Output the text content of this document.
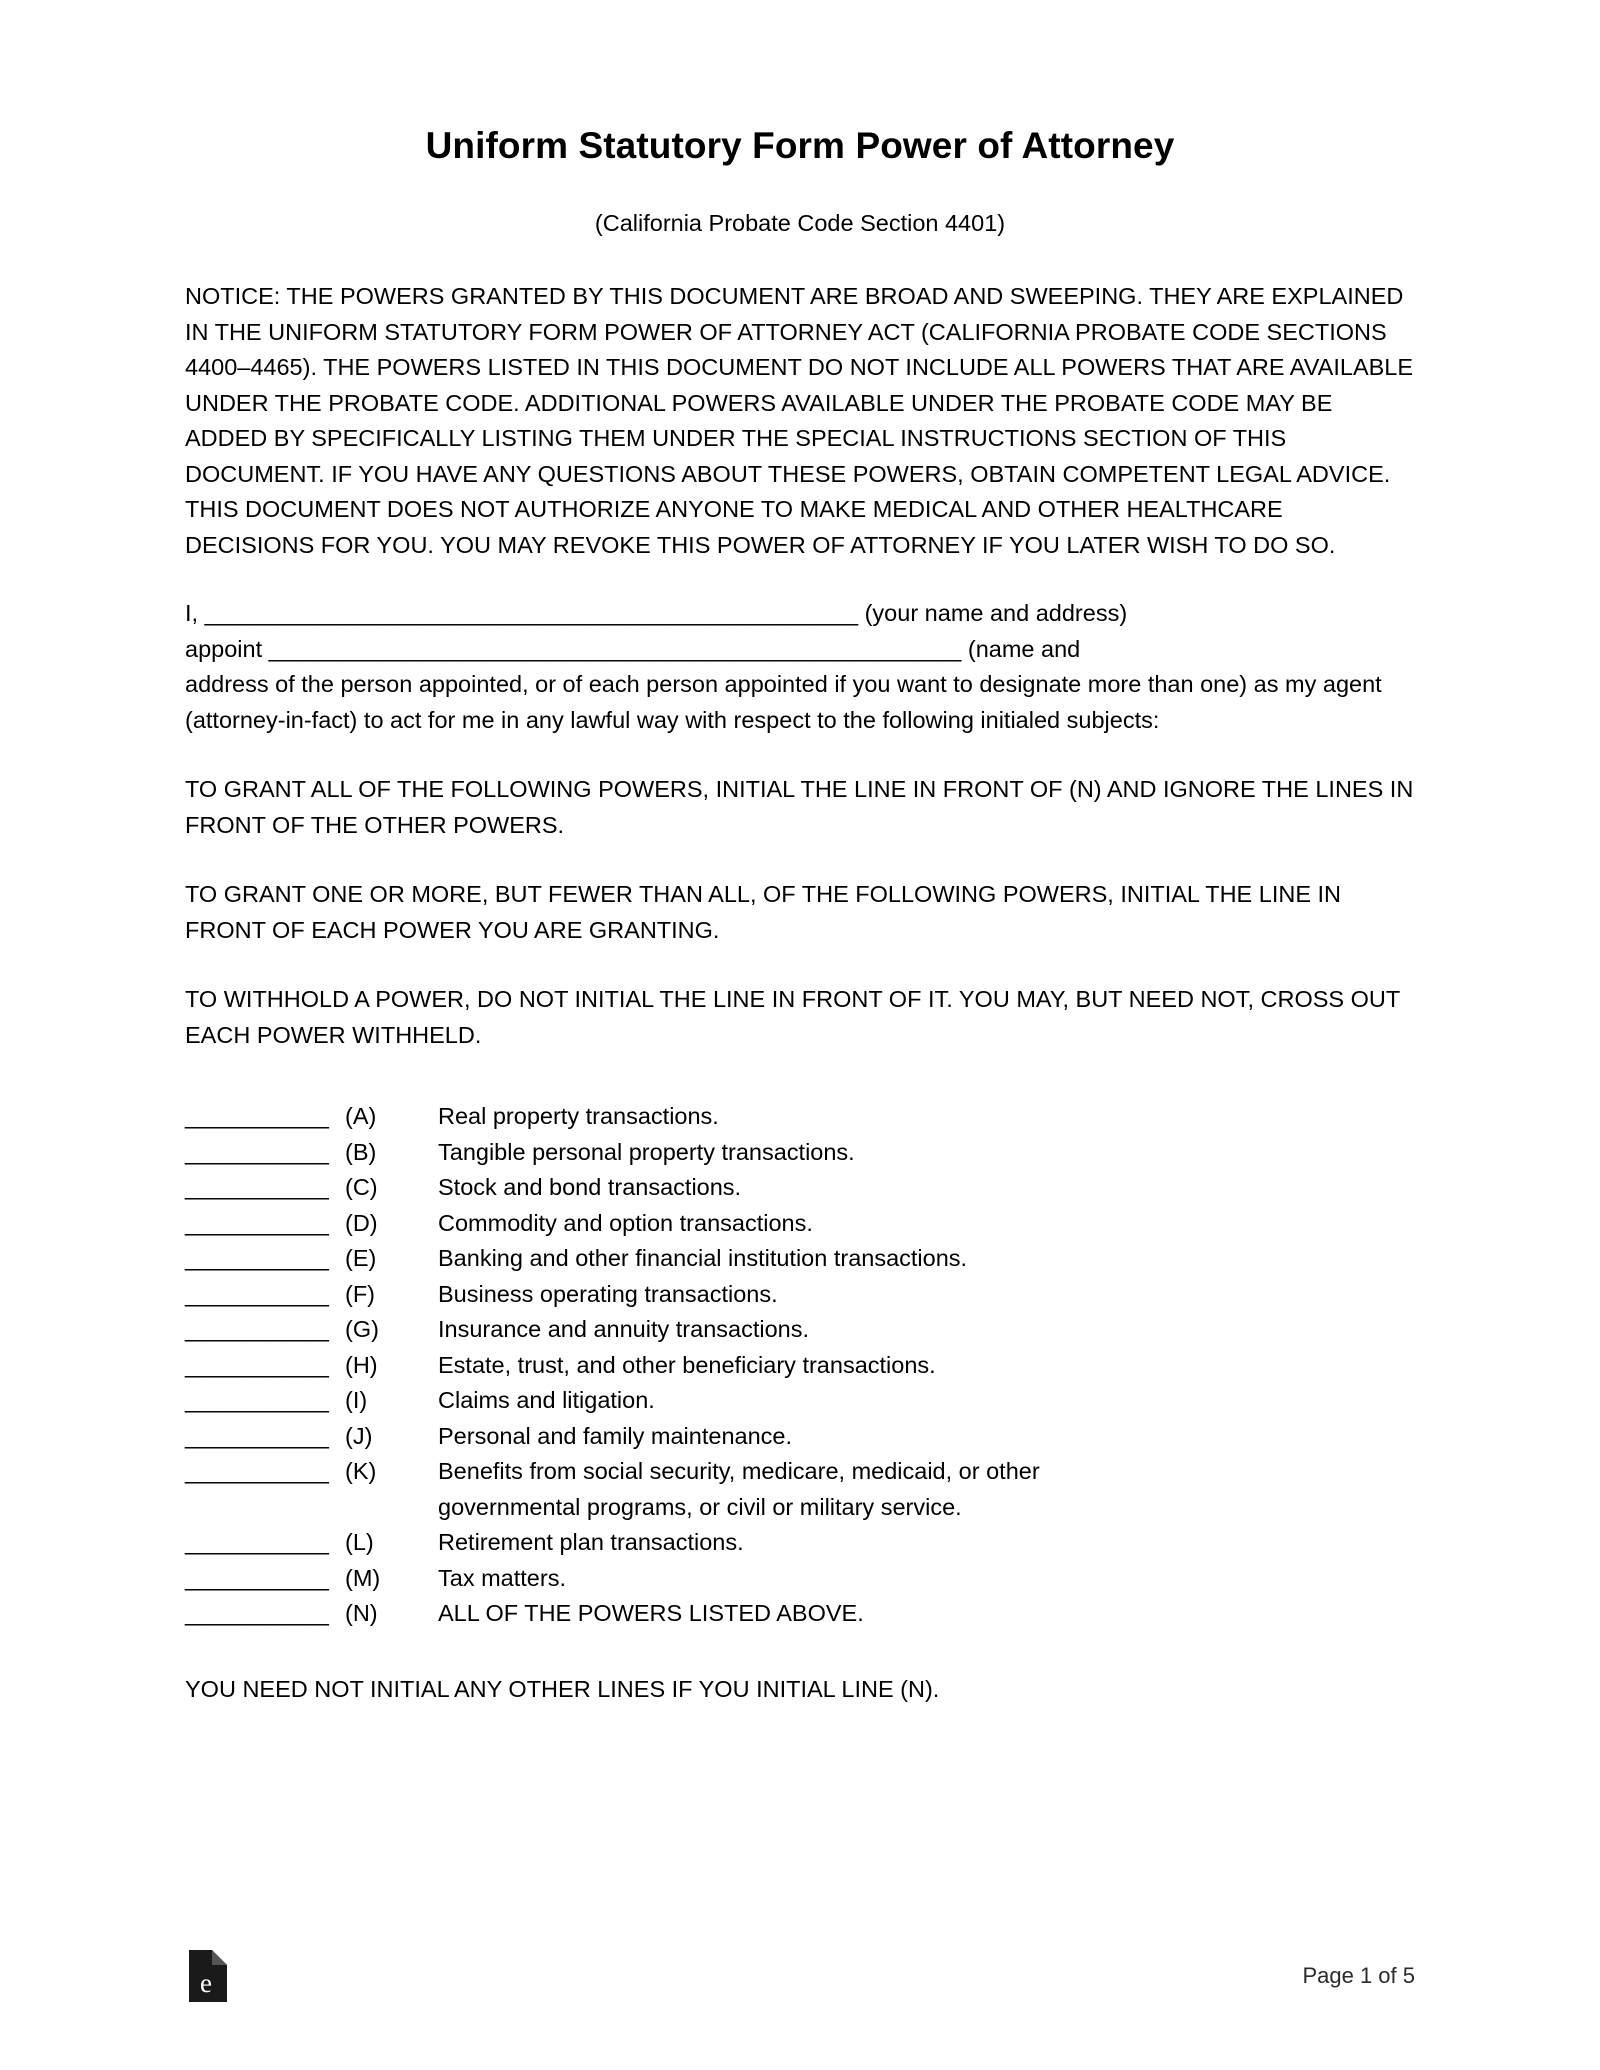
Uniform Statutory Form Power of Attorney
(California Probate Code Section 4401)
NOTICE: THE POWERS GRANTED BY THIS DOCUMENT ARE BROAD AND SWEEPING. THEY ARE EXPLAINED IN THE UNIFORM STATUTORY FORM POWER OF ATTORNEY ACT (CALIFORNIA PROBATE CODE SECTIONS 4400–4465). THE POWERS LISTED IN THIS DOCUMENT DO NOT INCLUDE ALL POWERS THAT ARE AVAILABLE UNDER THE PROBATE CODE. ADDITIONAL POWERS AVAILABLE UNDER THE PROBATE CODE MAY BE ADDED BY SPECIFICALLY LISTING THEM UNDER THE SPECIAL INSTRUCTIONS SECTION OF THIS DOCUMENT. IF YOU HAVE ANY QUESTIONS ABOUT THESE POWERS, OBTAIN COMPETENT LEGAL ADVICE. THIS DOCUMENT DOES NOT AUTHORIZE ANYONE TO MAKE MEDICAL AND OTHER HEALTHCARE DECISIONS FOR YOU. YOU MAY REVOKE THIS POWER OF ATTORNEY IF YOU LATER WISH TO DO SO.
I, __________________________________________________ (your name and address)
appoint _____________________________________________________ (name and
address of the person appointed, or of each person appointed if you want to designate more than one) as my agent (attorney-in-fact) to act for me in any lawful way with respect to the following initialed subjects:
TO GRANT ALL OF THE FOLLOWING POWERS, INITIAL THE LINE IN FRONT OF (N) AND IGNORE THE LINES IN FRONT OF THE OTHER POWERS.
TO GRANT ONE OR MORE, BUT FEWER THAN ALL, OF THE FOLLOWING POWERS, INITIAL THE LINE IN FRONT OF EACH POWER YOU ARE GRANTING.
TO WITHHOLD A POWER, DO NOT INITIAL THE LINE IN FRONT OF IT. YOU MAY, BUT NEED NOT, CROSS OUT EACH POWER WITHHELD.
___________ (A)	Real property transactions.
___________ (B)	Tangible personal property transactions.
___________ (C)	Stock and bond transactions.
___________ (D)	Commodity and option transactions.
___________ (E)	Banking and other financial institution transactions.
___________ (F)	Business operating transactions.
___________ (G)	Insurance and annuity transactions.
___________ (H)	Estate, trust, and other beneficiary transactions.
___________ (I)	Claims and litigation.
___________ (J)	Personal and family maintenance.
___________ (K)	Benefits from social security, medicare, medicaid, or other
governmental programs, or civil or military service.
___________ (L)	Retirement plan transactions.
___________ (M)	Tax matters.
___________ (N)	ALL OF THE POWERS LISTED ABOVE.
YOU NEED NOT INITIAL ANY OTHER LINES IF YOU INITIAL LINE (N).
e	Page 1 of 5
